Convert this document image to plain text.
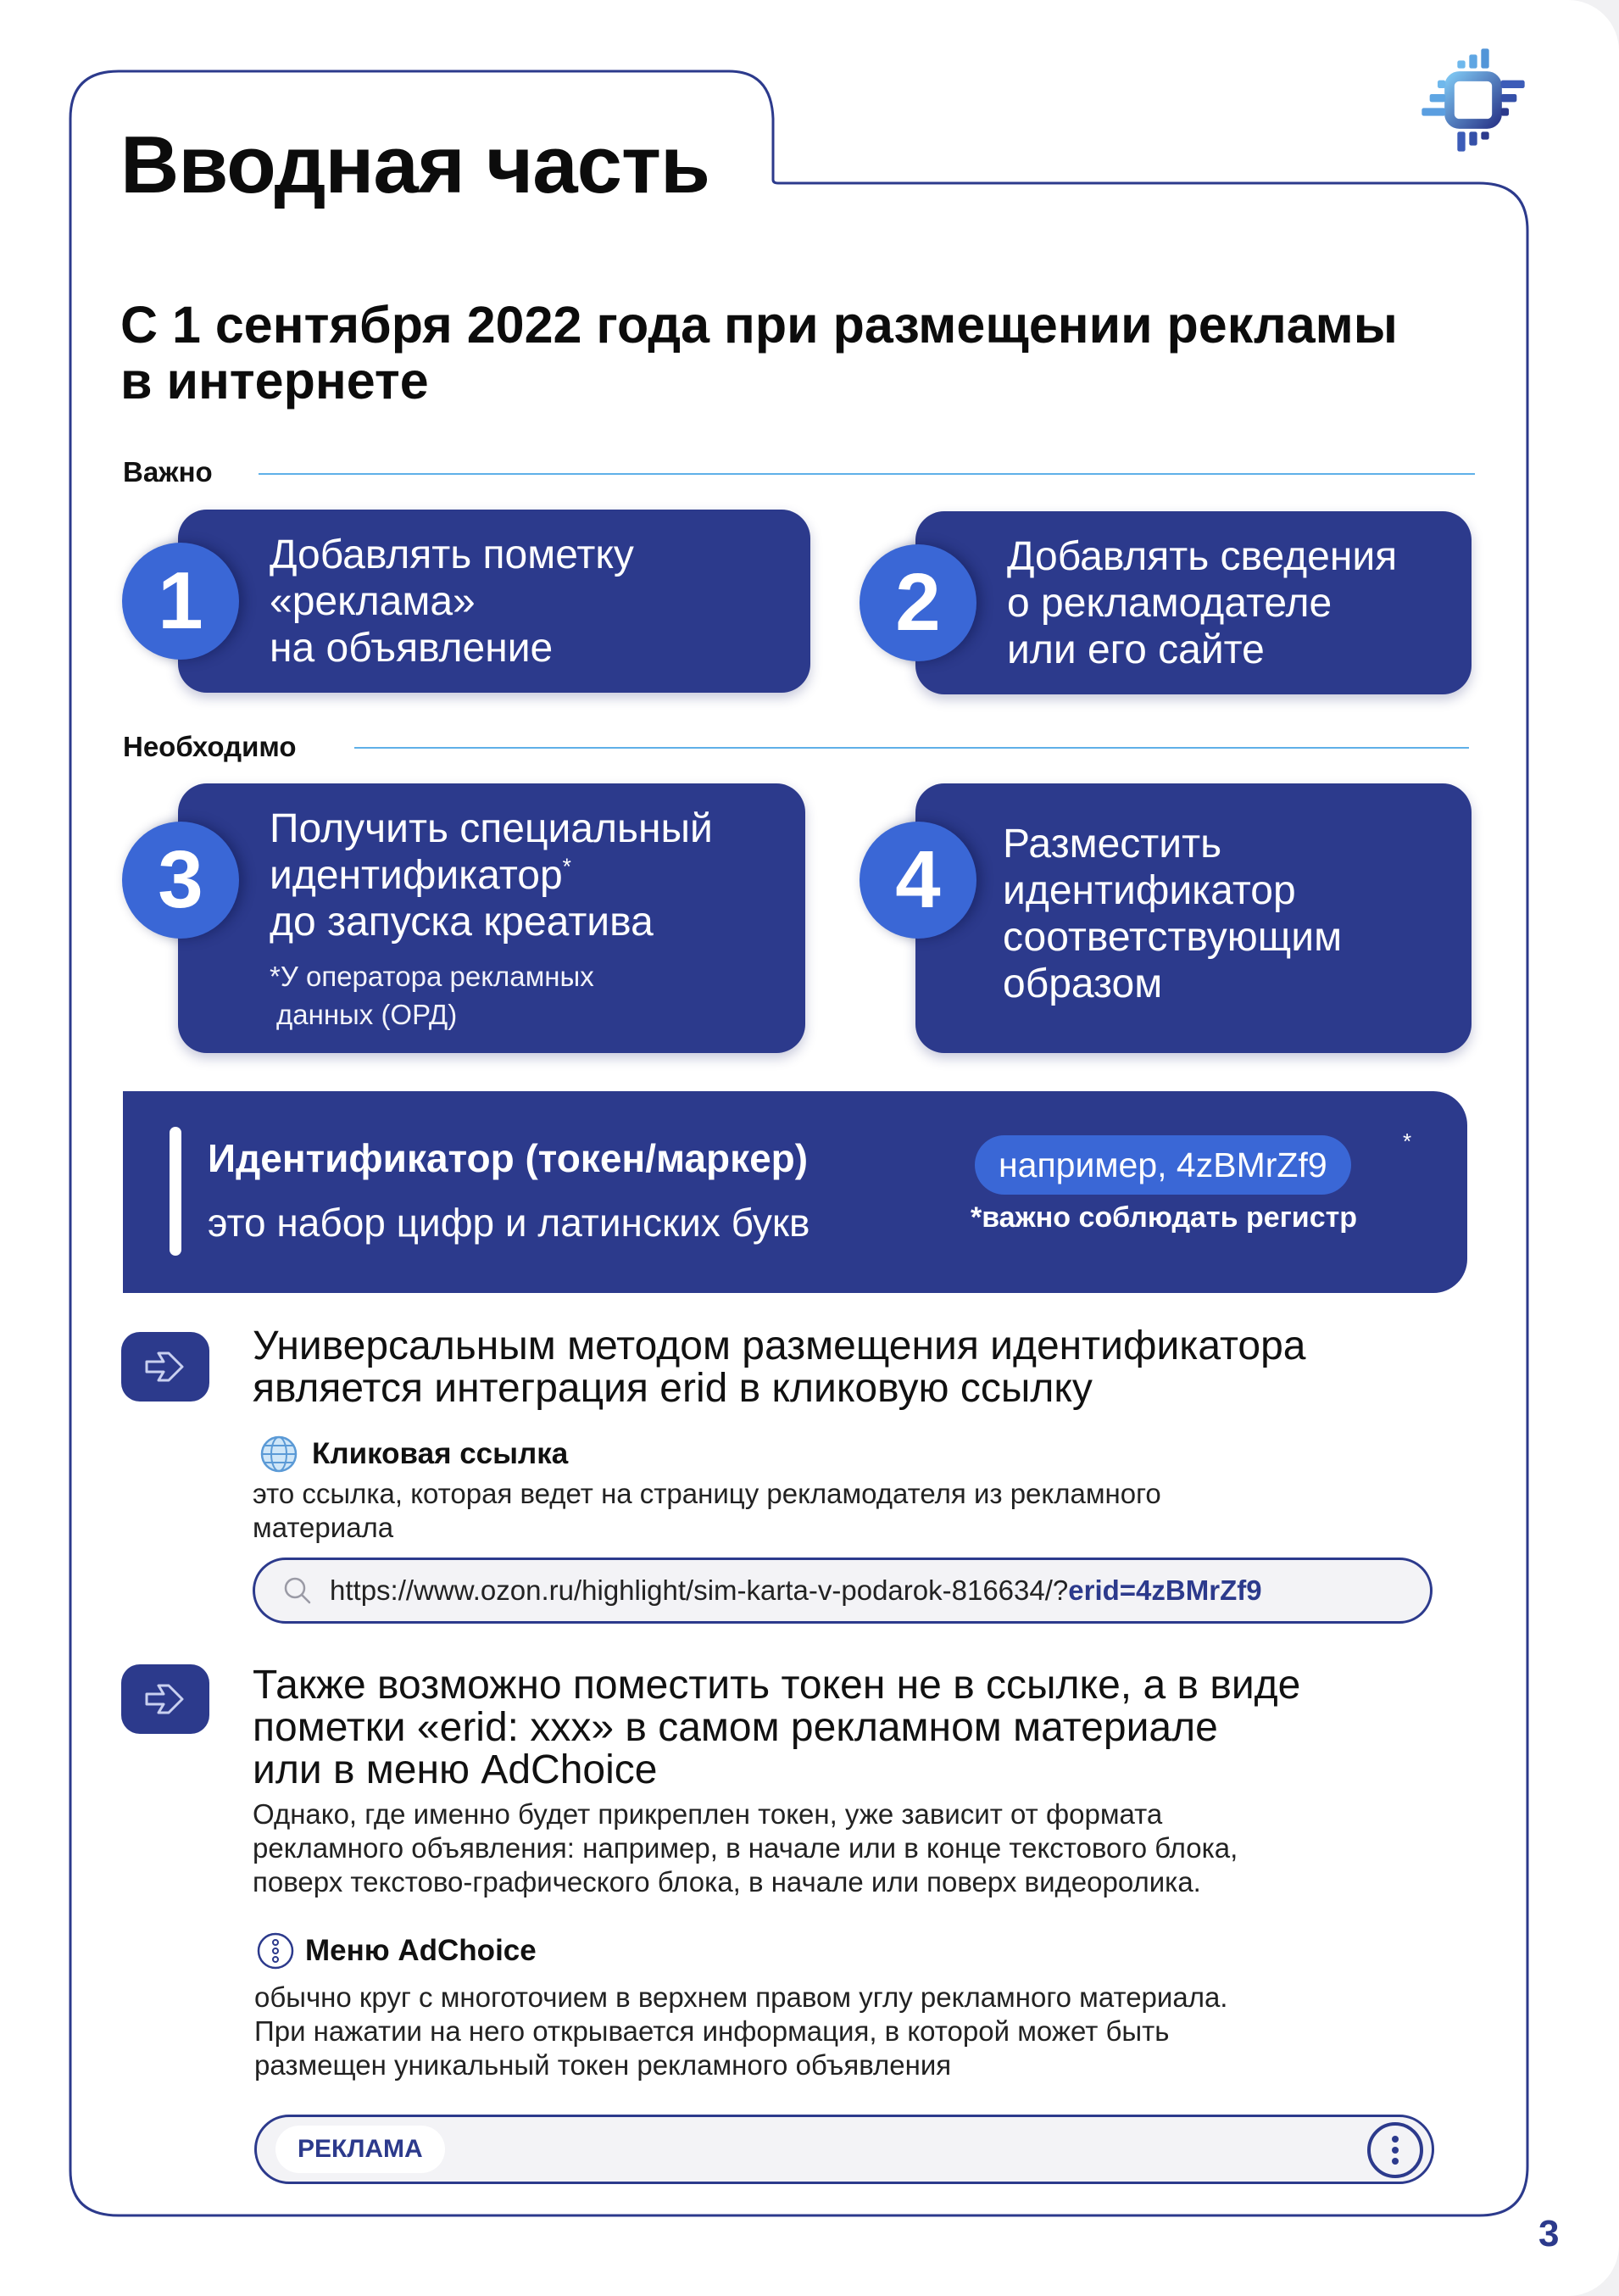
Вводная часть
С 1 сентября 2022 года при размещении рекламы в интернете
Важно
1
Добавлять пометку
«реклама»
на объявление
2
Добавлять сведения
о рекламодателе
или его сайте
Необходимо
3
Получить специальный
идентификатор*
до запуска креатива
*У оператора рекламных
данных (ОРД)
4	Разместить
идентификатор
соответствующим
образом
Идентификатор (токен/маркер)
это набор цифр и латинских букв
например, 4zBMrZf9
*
*важно соблюдать регистр
Универсальным методом размещения идентификатора
является интеграция erid в кликовую ссылку
Кликовая ссылка
это ссылка, которая ведет на страницу рекламодателя из рекламного
материала
https://www.ozon.ru/highlight/sim-karta-v-podarok-816634/? erid=4zBMrZf9
Также возможно поместить токен не в ссылке, а в виде
пометки «erid: xxx» в самом рекламном материале
или в меню AdChoice
Однако, где именно будет прикреплен токен, уже зависит от формата
рекламного объявления: например, в начале или в конце текстового блока,
поверх текстово-графического блока, в начале или поверх видеоролика.
Меню AdChoice
обычно круг с многоточием в верхнем правом углу рекламного материала.
При нажатии на него открывается информация, в которой может быть
размещен уникальный токен рекламного объявления
РЕКЛАМА
3
